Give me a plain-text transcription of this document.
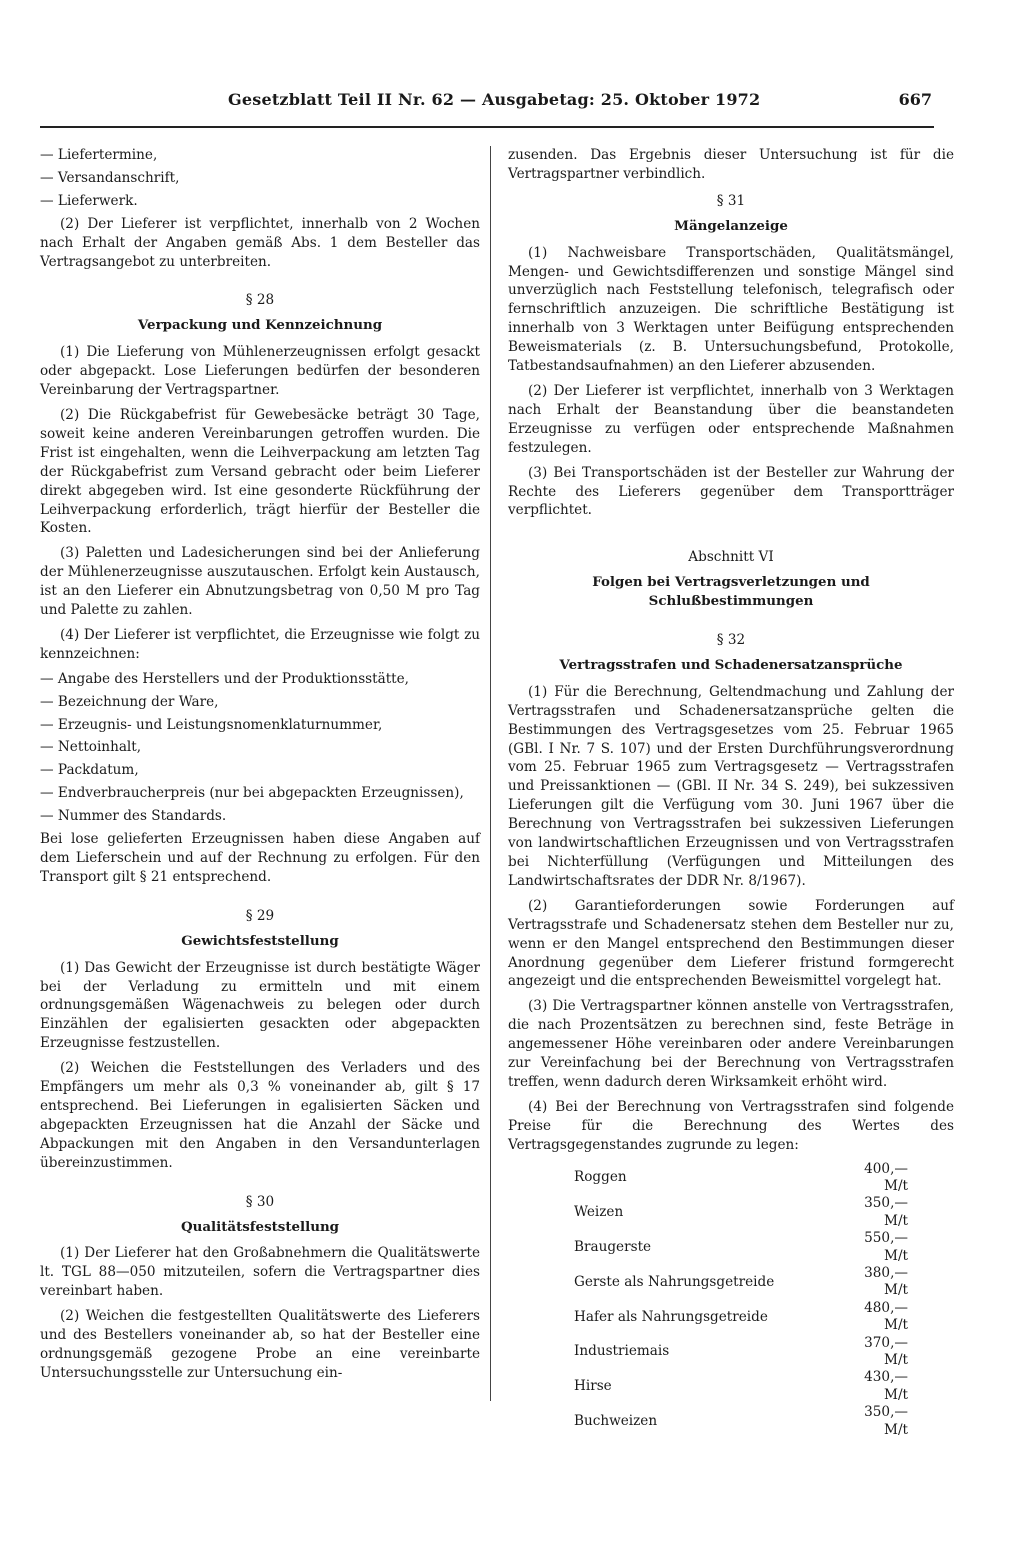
Gesetzblatt Teil II Nr. 62 — Ausgabetag: 25. Oktober 1972	667
— Liefertermine,
— Versandanschrift,
— Lieferwerk.

(2) Der Lieferer ist verpflichtet, innerhalb von 2 Wochen nach Erhalt der Angaben gemäß Abs. 1 dem Besteller das Vertragsangebot zu unterbreiten.

§ 28
Verpackung und Kennzeichnung

(1) Die Lieferung von Mühlenerzeugnissen erfolgt gesackt oder abgepackt. Lose Lieferungen bedürfen der besonderen Vereinbarung der Vertragspartner.

(2) Die Rückgabefrist für Gewebesäcke beträgt 30 Tage, soweit keine anderen Vereinbarungen getroffen wurden. Die Frist ist eingehalten, wenn die Leihverpackung am letzten Tag der Rückgabefrist zum Versand gebracht oder beim Lieferer direkt abgegeben wird. Ist eine gesonderte Rückführung der Leihverpackung erforderlich, trägt hierfür der Besteller die Kosten.

(3) Paletten und Ladesicherungen sind bei der Anlieferung der Mühlenerzeugnisse auszutauschen. Erfolgt kein Austausch, ist an den Lieferer ein Abnutzungsbetrag von 0,50 M pro Tag und Palette zu zahlen.

(4) Der Lieferer ist verpflichtet, die Erzeugnisse wie folgt zu kennzeichnen:

— Angabe des Herstellers und der Produktionsstätte,
— Bezeichnung der Ware,
— Erzeugnis- und Leistungsnomenklaturnummer,
— Nettoinhalt,
— Packdatum,
— Endverbraucherpreis (nur bei abgepackten Erzeugnissen),
— Nummer des Standards.

Bei lose gelieferten Erzeugnissen haben diese Angaben auf dem Lieferschein und auf der Rechnung zu erfolgen. Für den Transport gilt § 21 entsprechend.

§ 29
Gewichtsfeststellung

(1) Das Gewicht der Erzeugnisse ist durch bestätigte Wäger bei der Verladung zu ermitteln und mit einem ordnungsgemäßen Wägenachweis zu belegen oder durch Einzählen der egalisierten gesackten oder abgepackten Erzeugnisse festzustellen.

(2) Weichen die Feststellungen des Verladers und des Empfängers um mehr als 0,3 % voneinander ab, gilt § 17 entsprechend. Bei Lieferungen in egalisierten Säcken und abgepackten Erzeugnissen hat die Anzahl der Säcke und Abpackungen mit den Angaben in den Versandunterlagen übereinzustimmen.

§ 30
Qualitätsfeststellung

(1) Der Lieferer hat den Großabnehmern die Qualitätswerte lt. TGL 88—050 mitzuteilen, sofern die Vertragspartner dies vereinbart haben.

(2) Weichen die festgestellten Qualitätswerte des Lieferers und des Bestellers voneinander ab, so hat der Besteller eine ordnungsgemäß gezogene Probe an eine vereinbarte Untersuchungsstelle zur Untersuchung ein-

zusenden. Das Ergebnis dieser Untersuchung ist für die Vertragspartner verbindlich.

§ 31
Mängelanzeige

(1) Nachweisbare Transportschäden, Qualitätsmängel, Mengen- und Gewichtsdifferenzen und sonstige Mängel sind unverzüglich nach Feststellung telefonisch, telegrafisch oder fernschriftlich anzuzeigen. Die schriftliche Bestätigung ist innerhalb von 3 Werktagen unter Beifügung entsprechenden Beweismaterials (z. B. Untersuchungsbefund, Protokolle, Tatbestandsaufnahmen) an den Lieferer abzusenden.

(2) Der Lieferer ist verpflichtet, innerhalb von 3 Werktagen nach Erhalt der Beanstandung über die beanstandeten Erzeugnisse zu verfügen oder entsprechende Maßnahmen festzulegen.

(3) Bei Transportschäden ist der Besteller zur Wahrung der Rechte des Lieferers gegenüber dem Transportträger verpflichtet.

Abschnitt VI
Folgen bei Vertragsverletzungen und Schlußbestimmungen
§ 32
Vertragsstrafen und Schadenersatzansprüche

(1) Für die Berechnung, Geltendmachung und Zahlung der Vertragsstrafen und Schadenersatzansprüche gelten die Bestimmungen des Vertragsgesetzes vom 25. Februar 1965 (GBl. I Nr. 7 S. 107) und der Ersten Durchführungsverordnung vom 25. Februar 1965 zum Vertragsgesetz — Vertragsstrafen und Preissanktionen — (GBl. II Nr. 34 S. 249), bei sukzessiven Lieferungen gilt die Verfügung vom 30. Juni 1967 über die Berechnung von Vertragsstrafen bei sukzessiven Lieferungen von landwirtschaftlichen Erzeugnissen und von Vertragsstrafen bei Nichterfüllung (Verfügungen und Mitteilungen des Landwirtschaftsrates der DDR Nr. 8/1967).

(2) Garantieforderungen sowie Forderungen auf Vertragsstrafe und Schadenersatz stehen dem Besteller nur zu, wenn er den Mangel entsprechend den Bestimmungen dieser Anordnung gegenüber dem Lieferer fristund formgerecht angezeigt und die entsprechenden Beweismittel vorgelegt hat.

(3) Die Vertragspartner können anstelle von Vertragsstrafen, die nach Prozentsätzen zu berechnen sind, feste Beträge in angemessener Höhe vereinbaren oder andere Vereinbarungen zur Vereinfachung bei der Berechnung von Vertragsstrafen treffen, wenn dadurch deren Wirksamkeit erhöht wird.

(4) Bei der Berechnung von Vertragsstrafen sind folgende Preise für die Berechnung des Wertes des Vertragsgegenstandes zugrunde zu legen:

Roggen	400,— M/t
Weizen	350,— M/t
Braugerste	550,— M/t
Gerste als Nahrungsgetreide	380,— M/t
Hafer als Nahrungsgetreide	480,— M/t
Industriemais	370,— M/t
Hirse	430,— M/t
Buchweizen	350,— M/t
